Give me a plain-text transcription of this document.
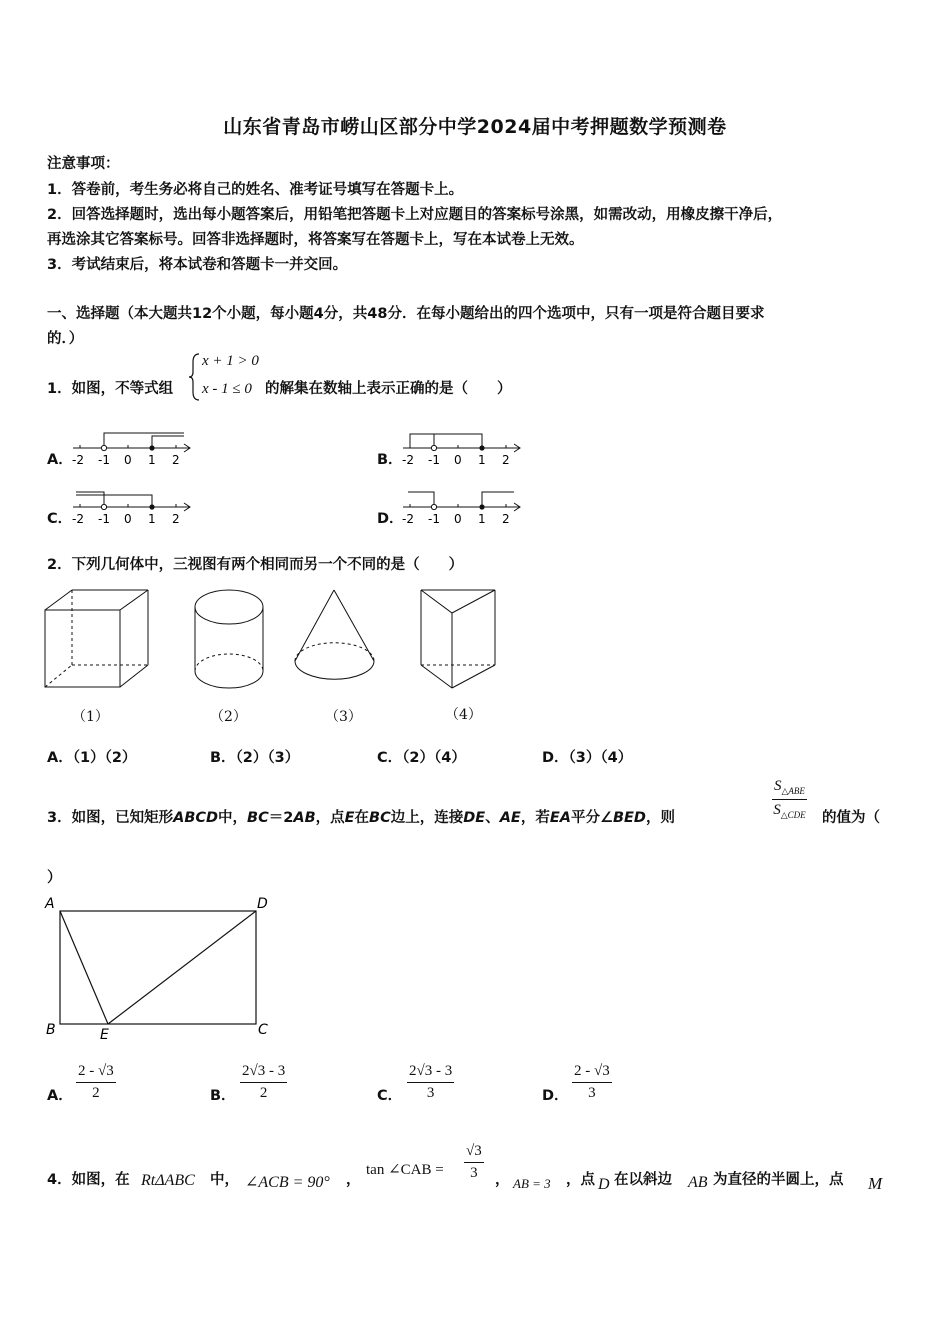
山东省青岛市崂山区部分中学2024届中考押题数学预测卷
注意事项：
1．答卷前，考生务必将自己的姓名、准考证号填写在答题卡上。
2．回答选择题时，选出每小题答案后，用铅笔把答题卡上对应题目的答案标号涂黑，如需改动，用橡皮擦干净后，
再选涂其它答案标号。回答非选择题时，将答案写在答题卡上，写在本试卷上无效。
3．考试结束后，将本试卷和答题卡一并交回。
一、选择题（本大题共12个小题，每小题4分，共48分．在每小题给出的四个选项中，只有一项是符合题目要求
的．）
1．如图，不等式组
x + 1 > 0
x - 1 ≤ 0 的解集在数轴上表示正确的是（　　）
A． -2 -1 0 1 2	B． -2 -1 0 1 2
C． -2 -1 0 1 2	D．
-2 -1 0 1 2
2．下列几何体中，三视图有两个相同而另一个不同的是（　　）
（1）	（2）	（3）	（4）
A．（1）（2）	B．（2）（3）	C．（2）（4）	D．（3）（4）
3．如图，已知矩形ABCD中，BC＝2AB，点E在BC边上，连接DE、AE，若EA平分∠BED，则
$S_{\triangle ABE}$
$S_{\triangle CDE}$ 的值为（
）
A	D
B	E	C
A． $\frac{2 - √3}{2}$	B． $\frac{2√3 - 3}{2}$	C． $\frac{2√3 - 3}{3}$	D． $\frac{2 - √3}{3}$
4．如图，在 RtΔABC 中， ∠ACB = 90° ，
tan ∠CAB = $\frac{√3}{3}$ ， AB = 3 ，点 D 在以斜边 AB 为直径的半圆上，点 M
